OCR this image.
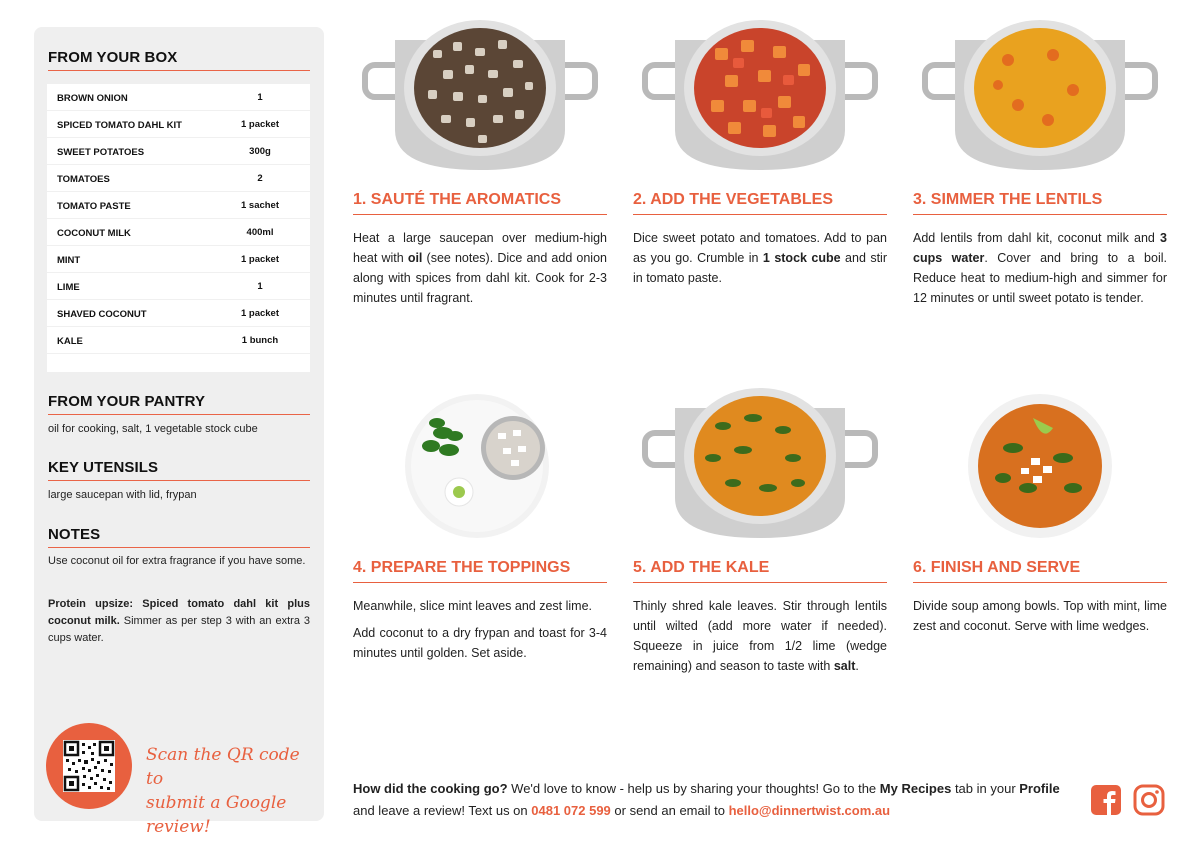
FROM YOUR BOX
BROWN ONION	1
SPICED TOMATO DAHL KIT	1 packet
SWEET POTATOES	300g
TOMATOES	2
TOMATO PASTE	1 sachet
COCONUT MILK	400ml
MINT	1 packet
LIME	1
SHAVED COCONUT	1 packet
KALE	1 bunch
FROM YOUR PANTRY
oil for cooking, salt, 1 vegetable stock cube
KEY UTENSILS
large saucepan with lid, frypan
NOTES
Use coconut oil for extra fragrance if you have some.
Protein upsize: Spiced tomato dahl kit plus coconut milk. Simmer as per step 3 with an extra 3 cups water.
Scan the QR code to
submit a Google review!
1. SAUTÉ THE AROMATICS
Heat a large saucepan over medium-high heat with oil (see notes). Dice and add onion along with spices from dahl kit. Cook for 2-3 minutes until fragrant.
2. ADD THE VEGETABLES
Dice sweet potato and tomatoes. Add to pan as you go. Crumble in 1 stock cube and stir in tomato paste.
3. SIMMER THE LENTILS
Add lentils from dahl kit, coconut milk and 3 cups water. Cover and bring to a boil. Reduce heat to medium-high and simmer for 12 minutes or until sweet potato is tender.
4. PREPARE THE TOPPINGS

Meanwhile, slice mint leaves and zest lime.

Add coconut to a dry frypan and toast for 3-4 minutes until golden. Set aside.

5. ADD THE KALE
Thinly shred kale leaves. Stir through lentils until wilted (add more water if needed). Squeeze in juice from 1/2 lime (wedge remaining) and season to taste with salt.
6. FINISH AND SERVE
Divide soup among bowls. Top with mint, lime zest and coconut. Serve with lime wedges.
How did the cooking go? We'd love to know - help us by sharing your thoughts! Go to the My Recipes tab in your Profile and leave a review! Text us on 0481 072 599 or send an email to hello@dinnertwist.com.au
